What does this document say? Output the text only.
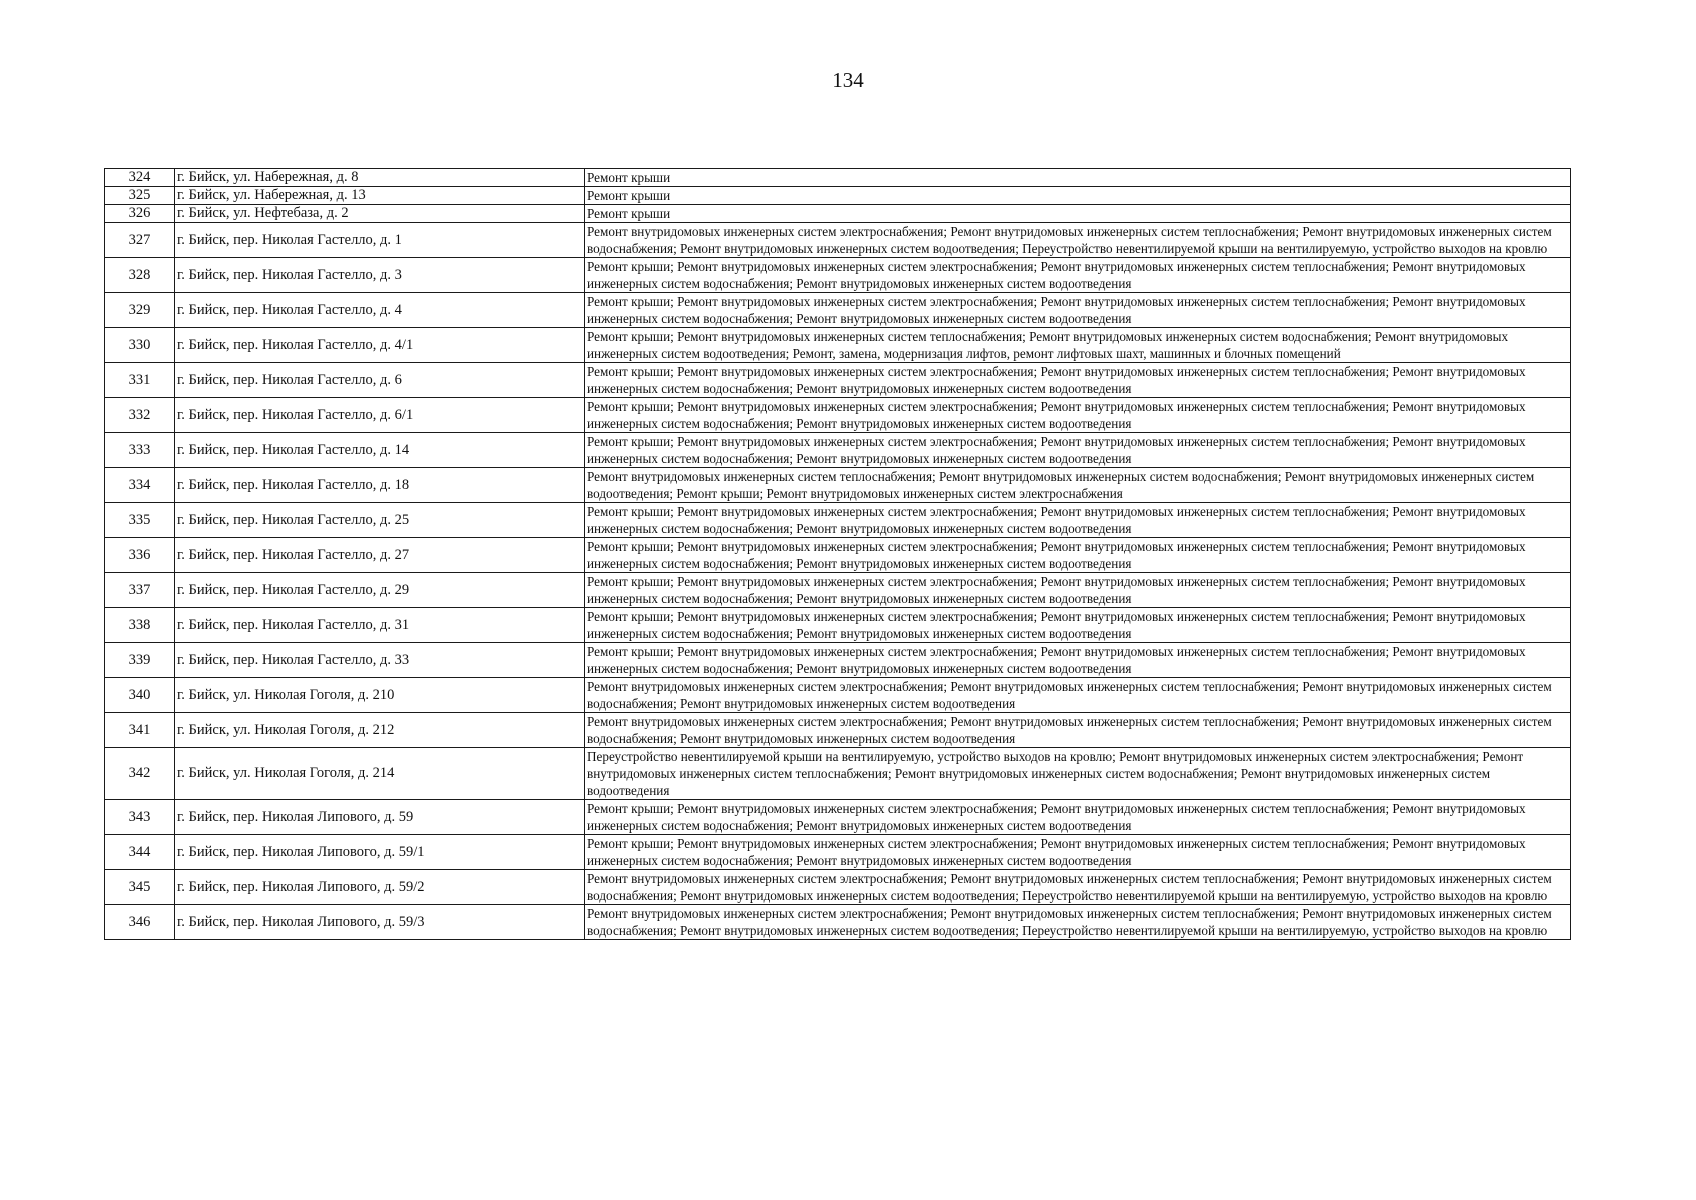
134
324	г. Бийск, ул. Набережная, д. 8	Ремонт крыши
325	г. Бийск, ул. Набережная, д. 13	Ремонт крыши
326	г. Бийск, ул. Нефтебаза, д. 2	Ремонт крыши
327	г. Бийск, пер. Николая Гастелло, д. 1	Ремонт внутридомовых инженерных систем электроснабжения; Ремонт внутридомовых инженерных систем теплоснабжения; Ремонт внутридомовых инженерных систем водоснабжения; Ремонт внутридомовых инженерных систем водоотведения; Переустройство невентилируемой крыши на вентилируемую, устройство выходов на кровлю
328	г. Бийск, пер. Николая Гастелло, д. 3	Ремонт крыши; Ремонт внутридомовых инженерных систем электроснабжения; Ремонт внутридомовых инженерных систем теплоснабжения; Ремонт внутридомовых инженерных систем водоснабжения; Ремонт внутридомовых инженерных систем водоотведения
329	г. Бийск, пер. Николая Гастелло, д. 4	Ремонт крыши; Ремонт внутридомовых инженерных систем электроснабжения; Ремонт внутридомовых инженерных систем теплоснабжения; Ремонт внутридомовых инженерных систем водоснабжения; Ремонт внутридомовых инженерных систем водоотведения
330	г. Бийск, пер. Николая Гастелло, д. 4/1	Ремонт крыши; Ремонт внутридомовых инженерных систем теплоснабжения; Ремонт внутридомовых инженерных систем водоснабжения; Ремонт внутридомовых инженерных систем водоотведения; Ремонт, замена, модернизация лифтов, ремонт лифтовых шахт, машинных и блочных помещений
331	г. Бийск, пер. Николая Гастелло, д. 6	Ремонт крыши; Ремонт внутридомовых инженерных систем электроснабжения; Ремонт внутридомовых инженерных систем теплоснабжения; Ремонт внутридомовых инженерных систем водоснабжения; Ремонт внутридомовых инженерных систем водоотведения
332	г. Бийск, пер. Николая Гастелло, д. 6/1	Ремонт крыши; Ремонт внутридомовых инженерных систем электроснабжения; Ремонт внутридомовых инженерных систем теплоснабжения; Ремонт внутридомовых инженерных систем водоснабжения; Ремонт внутридомовых инженерных систем водоотведения
333	г. Бийск, пер. Николая Гастелло, д. 14	Ремонт крыши; Ремонт внутридомовых инженерных систем электроснабжения; Ремонт внутридомовых инженерных систем теплоснабжения; Ремонт внутридомовых инженерных систем водоснабжения; Ремонт внутридомовых инженерных систем водоотведения
334	г. Бийск, пер. Николая Гастелло, д. 18	Ремонт внутридомовых инженерных систем теплоснабжения; Ремонт внутридомовых инженерных систем водоснабжения; Ремонт внутридомовых инженерных систем водоотведения; Ремонт крыши; Ремонт внутридомовых инженерных систем электроснабжения
335	г. Бийск, пер. Николая Гастелло, д. 25	Ремонт крыши; Ремонт внутридомовых инженерных систем электроснабжения; Ремонт внутридомовых инженерных систем теплоснабжения; Ремонт внутридомовых инженерных систем водоснабжения; Ремонт внутридомовых инженерных систем водоотведения
336	г. Бийск, пер. Николая Гастелло, д. 27	Ремонт крыши; Ремонт внутридомовых инженерных систем электроснабжения; Ремонт внутридомовых инженерных систем теплоснабжения; Ремонт внутридомовых инженерных систем водоснабжения; Ремонт внутридомовых инженерных систем водоотведения
337	г. Бийск, пер. Николая Гастелло, д. 29	Ремонт крыши; Ремонт внутридомовых инженерных систем электроснабжения; Ремонт внутридомовых инженерных систем теплоснабжения; Ремонт внутридомовых инженерных систем водоснабжения; Ремонт внутридомовых инженерных систем водоотведения
338	г. Бийск, пер. Николая Гастелло, д. 31	Ремонт крыши; Ремонт внутридомовых инженерных систем электроснабжения; Ремонт внутридомовых инженерных систем теплоснабжения; Ремонт внутридомовых инженерных систем водоснабжения; Ремонт внутридомовых инженерных систем водоотведения
339	г. Бийск, пер. Николая Гастелло, д. 33	Ремонт крыши; Ремонт внутридомовых инженерных систем электроснабжения; Ремонт внутридомовых инженерных систем теплоснабжения; Ремонт внутридомовых инженерных систем водоснабжения; Ремонт внутридомовых инженерных систем водоотведения
340	г. Бийск, ул. Николая Гоголя, д. 210	Ремонт внутридомовых инженерных систем электроснабжения; Ремонт внутридомовых инженерных систем теплоснабжения; Ремонт внутридомовых инженерных систем водоснабжения; Ремонт внутридомовых инженерных систем водоотведения
341	г. Бийск, ул. Николая Гоголя, д. 212	Ремонт внутридомовых инженерных систем электроснабжения; Ремонт внутридомовых инженерных систем теплоснабжения; Ремонт внутридомовых инженерных систем водоснабжения; Ремонт внутридомовых инженерных систем водоотведения
342	г. Бийск, ул. Николая Гоголя, д. 214	Переустройство невентилируемой крыши на вентилируемую, устройство выходов на кровлю; Ремонт внутридомовых инженерных систем электроснабжения; Ремонт внутридомовых инженерных систем теплоснабжения; Ремонт внутридомовых инженерных систем водоснабжения; Ремонт внутридомовых инженерных систем водоотведения
343	г. Бийск, пер. Николая Липового, д. 59	Ремонт крыши; Ремонт внутридомовых инженерных систем электроснабжения; Ремонт внутридомовых инженерных систем теплоснабжения; Ремонт внутридомовых инженерных систем водоснабжения; Ремонт внутридомовых инженерных систем водоотведения
344	г. Бийск, пер. Николая Липового, д. 59/1	Ремонт крыши; Ремонт внутридомовых инженерных систем электроснабжения; Ремонт внутридомовых инженерных систем теплоснабжения; Ремонт внутридомовых инженерных систем водоснабжения; Ремонт внутридомовых инженерных систем водоотведения
345	г. Бийск, пер. Николая Липового, д. 59/2	Ремонт внутридомовых инженерных систем электроснабжения; Ремонт внутридомовых инженерных систем теплоснабжения; Ремонт внутридомовых инженерных систем водоснабжения; Ремонт внутридомовых инженерных систем водоотведения; Переустройство невентилируемой крыши на вентилируемую, устройство выходов на кровлю
346	г. Бийск, пер. Николая Липового, д. 59/3	Ремонт внутридомовых инженерных систем электроснабжения; Ремонт внутридомовых инженерных систем теплоснабжения; Ремонт внутридомовых инженерных систем водоснабжения; Ремонт внутридомовых инженерных систем водоотведения; Переустройство невентилируемой крыши на вентилируемую, устройство выходов на кровлю
